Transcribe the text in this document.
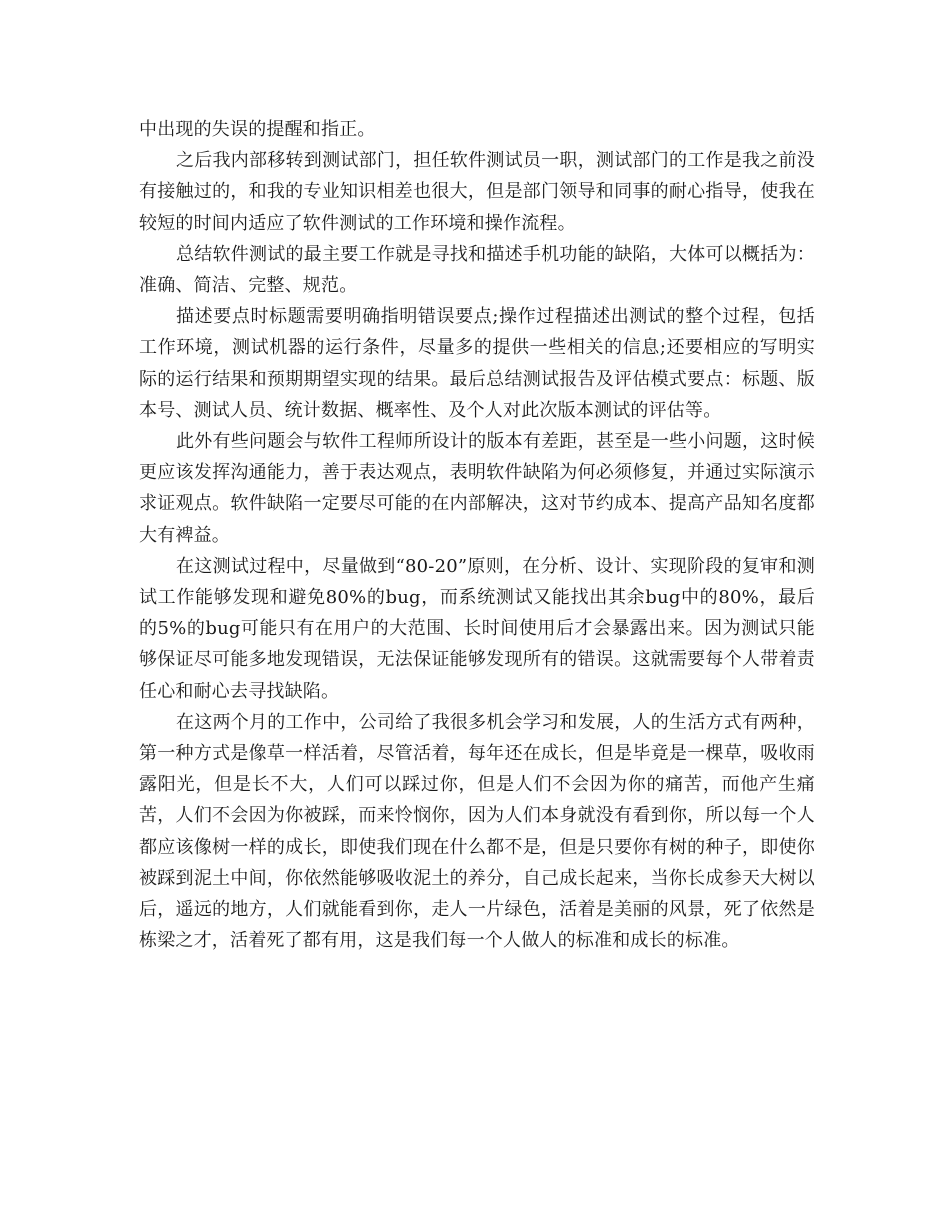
中出现的失误的提醒和指正。

之后我内部移转到测试部门，担任软件测试员一职，测试部门的工作是我之前没有接触过的，和我的专业知识相差也很大，但是部门领导和同事的耐心指导，使我在较短的时间内适应了软件测试的工作环境和操作流程。

总结软件测试的最主要工作就是寻找和描述手机功能的缺陷，大体可以概括为：准确、简洁、完整、规范。

描述要点时标题需要明确指明错误要点;操作过程描述出测试的整个过程，包括工作环境，测试机器的运行条件，尽量多的提供一些相关的信息;还要相应的写明实际的运行结果和预期期望实现的结果。最后总结测试报告及评估模式要点：标题、版本号、测试人员、统计数据、概率性、及个人对此次版本测试的评估等。

此外有些问题会与软件工程师所设计的版本有差距，甚至是一些小问题，这时候更应该发挥沟通能力，善于表达观点，表明软件缺陷为何必须修复，并通过实际演示求证观点。软件缺陷一定要尽可能的在内部解决，这对节约成本、提高产品知名度都大有裨益。

在这测试过程中，尽量做到“80-20”原则，在分析、设计、实现阶段的复审和测试工作能够发现和避免80%的bug，而系统测试又能找出其余bug中的80%，最后的5%的bug可能只有在用户的大范围、长时间使用后才会暴露出来。因为测试只能够保证尽可能多地发现错误，无法保证能够发现所有的错误。这就需要每个人带着责任心和耐心去寻找缺陷。

在这两个月的工作中，公司给了我很多机会学习和发展，人的生活方式有两种，第一种方式是像草一样活着，尽管活着，每年还在成长，但是毕竟是一棵草，吸收雨露阳光，但是长不大，人们可以踩过你，但是人们不会因为你的痛苦，而他产生痛苦，人们不会因为你被踩，而来怜悯你，因为人们本身就没有看到你，所以每一个人都应该像树一样的成长，即使我们现在什么都不是，但是只要你有树的种子，即使你被踩到泥土中间，你依然能够吸收泥土的养分，自己成长起来，当你长成参天大树以后，遥远的地方，人们就能看到你，走人一片绿色，活着是美丽的风景，死了依然是栋梁之才，活着死了都有用，这是我们每一个人做人的标准和成长的标准。
